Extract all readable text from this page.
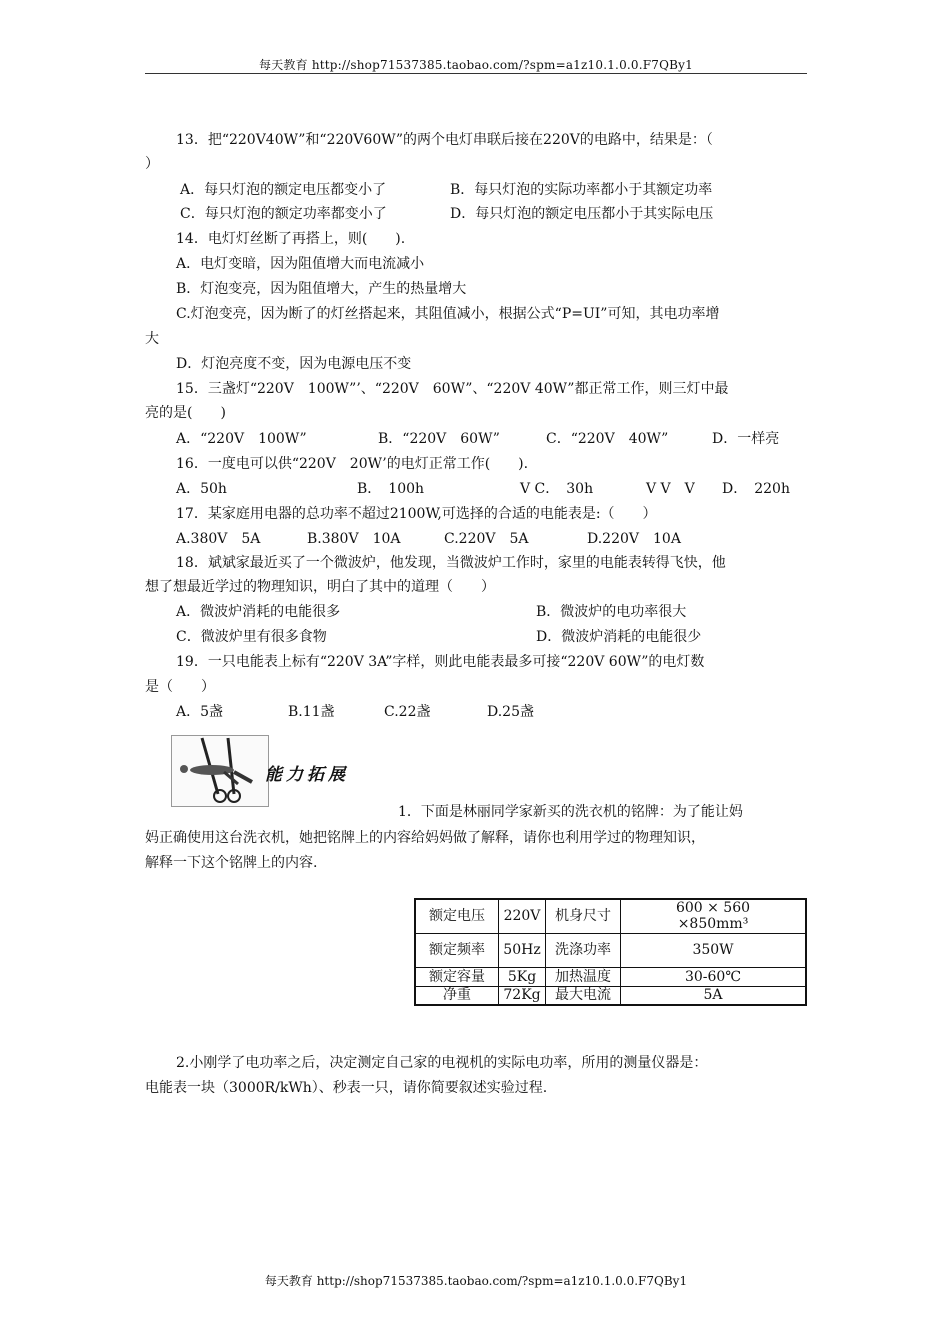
每天教育 http://shop71537385.taobao.com/?spm=a1z10.1.0.0.F7QBy1
13．把“220V40W”和“220V60W”的两个电灯串联后接在220V的电路中，结果是：（
）
A．每只灯泡的额定电压都变小了	B．每只灯泡的实际功率都小于其额定功率
C．每只灯泡的额定功率都变小了	D．每只灯泡的额定电压都小于其实际电压
14．电灯灯丝断了再搭上，则(　　).
A．电灯变暗，因为阻值增大而电流减小
B．灯泡变亮，因为阻值增大，产生的热量增大
C.灯泡变亮，因为断了的灯丝搭起来，其阻值减小，根据公式“P=UI”可知，其电功率增
大
D．灯泡亮度不变，因为电源电压不变
15．三盏灯“220V　100W”’、“220V　60W”、“220V 40W”都正常工作，则三灯中最
亮的是(　　)
A．“220V　100W”	B．“220V　60W”	C．“220V　40W”	D．一样亮
16．一度电可以供“220V　20W’的电灯正常工作(　　).
A．50h	B．　100h	V C．　30h	V V　V D．　220h
17．某家庭用电器的总功率不超过2100W,可选择的合适的电能表是:（　　）
A.380V　5A	B.380V　10A	C.220V　5A	D.220V　10A
18．斌斌家最近买了一个微波炉，他发现，当微波炉工作时，家里的电能表转得飞快，他
想了想最近学过的物理知识，明白了其中的道理（　　）
A．微波炉消耗的电能很多	B．微波炉的电功率很大
C．微波炉里有很多食物	D．微波炉消耗的电能很少
19．一只电能表上标有“220V 3A”字样，则此电能表最多可接“220V 60W”的电灯数
是（　　）
A．5盏	B.11盏	C.22盏	D.25盏
能力拓展
1．下面是林丽同学家新买的洗衣机的铭牌：为了能让妈
妈正确使用这台洗衣机，她把铭牌上的内容给妈妈做了解释，请你也利用学过的物理知识，
解释一下这个铭牌上的内容.
额定电压	220V	机身尺寸	600 × 560 ×850mm³
额定频率	50Hz	洗涤功率	350W
额定容量	5Kg	加热温度	30-60℃
净重	72Kg	最大电流	5A
2.小刚学了电功率之后，决定测定自己家的电视机的实际电功率，所用的测量仪器是：
电能表一块（3000R/kWh）、秒表一只，请你简要叙述实验过程.
每天教育 http://shop71537385.taobao.com/?spm=a1z10.1.0.0.F7QBy1
